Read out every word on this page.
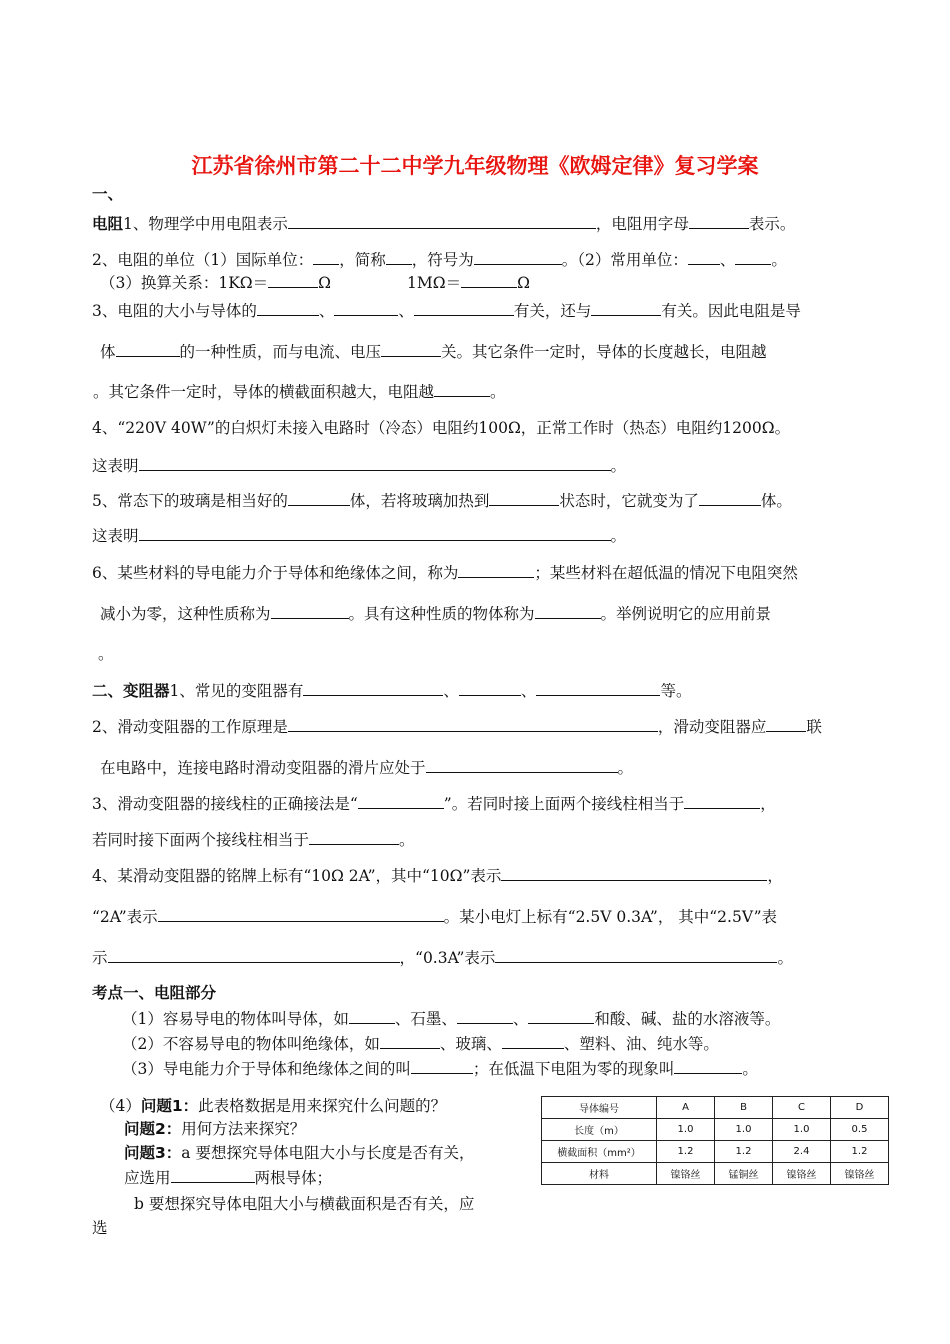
江苏省徐州市第二十二中学九年级物理《欧姆定律》复习学案
一、
电阻1、物理学中用电阻表示	，电阻用字母	表示。
2、电阻的单位（1）国际单位： ，简称 ，符号为	。（2）常用单位： 、 。
（3）换算关系：1KΩ＝	Ω	1MΩ＝	Ω
3、电阻的大小与导体的	、	、	有关，还与	有关。因此电阻是导
体	的一种性质，而与电流、电压	关。其它条件一定时，导体的长度越长，电阻越
。其它条件一定时，导体的横截面积越大，电阻越	。
4、“220V 40W”的白炽灯未接入电路时（冷态）电阻约100Ω，正常工作时（热态）电阻约1200Ω。
这表明	。
5、常态下的玻璃是相当好的	体，若将玻璃加热到	状态时，它就变为了	体。
这表明	。
6、某些材料的导电能力介于导体和绝缘体之间，称为	；某些材料在超低温的情况下电阻突然
减小为零，这种性质称为	。具有这种性质的物体称为	。举例说明它的应用前景
。
二、变阻器1、常见的变阻器有	、	、	等。
2、滑动变阻器的工作原理是	，滑动变阻器应	联
在电路中，连接电路时滑动变阻器的滑片应处于	。
3、滑动变阻器的接线柱的正确接法是“	”。若同时接上面两个接线柱相当于	，
若同时接下面两个接线柱相当于	。
4、某滑动变阻器的铭牌上标有“10Ω 2A”，其中“10Ω”表示	，
“2A”表示	。某小电灯上标有“2.5V 0.3A”， 其中“2.5V”表
示	，“0.3A”表示	。
考点一、电阻部分
（1）容易导电的物体叫导体，如	、石墨、	、	和酸、碱、盐的水溶液等。
（2）不容易导电的物体叫绝缘体，如	、玻璃、	、塑料、油、纯水等。
（3）导电能力介于导体和绝缘体之间的叫	；在低温下电阻为零的现象叫	。
（4）问题1：此表格数据是用来探究什么问题的？
问题2：用何方法来探究？
问题3：a 要想探究导体电阻大小与长度是否有关，
应选用	两根导体；
b 要想探究导体电阻大小与横截面积是否有关，应
选
导体编号	A	B	C	D
长度（m）	1.0	1.0	1.0	0.5
横截面积（mm²）	1.2	1.2	2.4	1.2
材料	镍铬丝	锰铜丝	镍铬丝	镍铬丝
